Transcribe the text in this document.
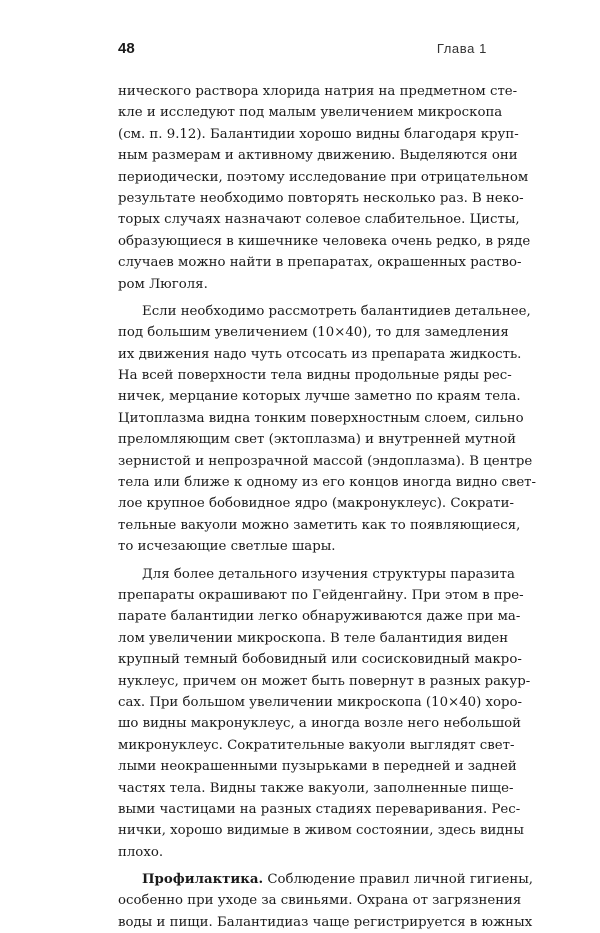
48	Глава 1
нического раствора хлорида натрия на предметном сте-
кле и исследуют под малым увеличением микроскопа
(см. п. 9.12). Балантидии хорошо видны благодаря круп-
ным размерам и активному движению. Выделяются они
периодически, поэтому исследование при отрицательном
результате необходимо повторять несколько раз. В неко-
торых случаях назначают солевое слабительное. Цисты,
образующиеся в кишечнике человека очень редко, в ряде
случаев можно найти в препаратах, окрашенных раство-
ром Люголя.
Если необходимо рассмотреть балантидиев детальнее,
под большим увеличением (10×40), то для замедления
их движения надо чуть отсосать из препарата жидкость.
На всей поверхности тела видны продольные ряды рес-
ничек, мерцание которых лучше заметно по краям тела.
Цитоплазма видна тонким поверхностным слоем, сильно
преломляющим свет (эктоплазма) и внутренней мутной
зернистой и непрозрачной массой (эндоплазма). В центре
тела или ближе к одному из его концов иногда видно свет-
лое крупное бобовидное ядро (макронуклеус). Сократи-
тельные вакуоли можно заметить как то появляющиеся,
то исчезающие светлые шары.
Для более детального изучения структуры паразита
препараты окрашивают по Гейденгайну. При этом в пре-
парате балантидии легко обнаруживаются даже при ма-
лом увеличении микроскопа. В теле балантидия виден
крупный темный бобовидный или сосисковидный макро-
нуклеус, причем он может быть повернут в разных ракур-
сах. При большом увеличении микроскопа (10×40) хоро-
шо видны макронуклеус, а иногда возле него небольшой
микронуклеус. Сократительные вакуоли выглядят свет-
лыми неокрашенными пузырьками в передней и задней
частях тела. Видны также вакуоли, заполненные пище-
выми частицами на разных стадиях переваривания. Рес-
нички, хорошо видимые в живом состоянии, здесь видны
плохо.
Профилактика. Соблюдение правил личной гигиены,
особенно при уходе за свиньями. Охрана от загрязнения
воды и пищи. Балантидиаз чаще регистрируется в южных
